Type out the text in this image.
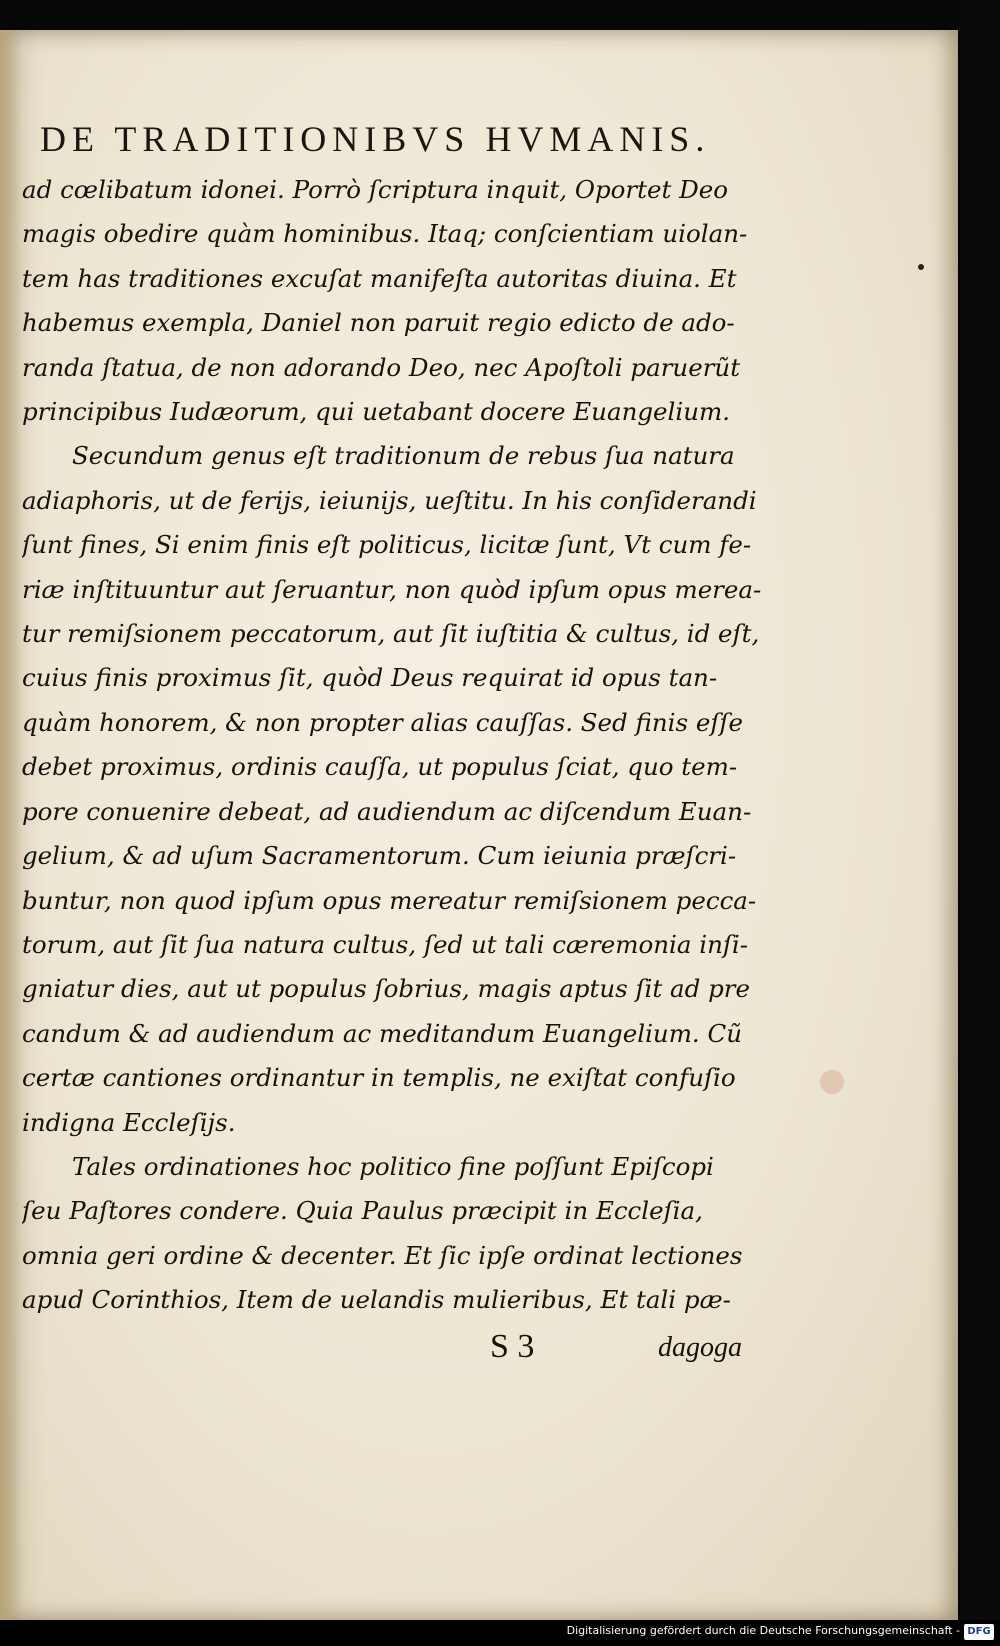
DE TRADITIONIBVS HVMANIS.
ad cœlibatum idonei. Porrò ſcriptura inquit, Oportet Deo
magis obedire quàm hominibus. Itaq; conſcientiam uiolan-
tem has traditiones excuſat manifeſta autoritas diuina. Et
habemus exempla, Daniel non paruit regio edicto de ado-
randa ſtatua, de non adorando Deo, nec Apoſtoli paruerũt
principibus Iudæorum, qui uetabant docere Euangelium.
Secundum genus eſt traditionum de rebus ſua natura
adiaphoris, ut de ferijs, ieiunijs, ueſtitu. In his conſiderandi
ſunt fines, Si enim finis eſt politicus, licitæ ſunt, Vt cum fe-
riæ inſtituuntur aut ſeruantur, non quòd ipſum opus merea-
tur remiſsionem peccatorum, aut ſit iuſtitia & cultus, id eſt,
cuius finis proximus ſit, quòd Deus requirat id opus tan-
quàm honorem, & non propter alias cauſſas. Sed finis eſſe
debet proximus, ordinis cauſſa, ut populus ſciat, quo tem-
pore conuenire debeat, ad audiendum ac diſcendum Euan-
gelium, & ad uſum Sacramentorum. Cum ieiunia præſcri-
buntur, non quod ipſum opus mereatur remiſsionem pecca-
torum, aut ſit ſua natura cultus, ſed ut tali cæremonia inſi-
gniatur dies, aut ut populus ſobrius, magis aptus ſit ad pre
candum & ad audiendum ac meditandum Euangelium. Cũ
certæ cantiones ordinantur in templis, ne exiſtat confuſio
indigna Eccleſijs.
Tales ordinationes hoc politico fine poſſunt Epiſcopi
ſeu Paſtores condere. Quia Paulus præcipit in Eccleſia,
omnia geri ordine & decenter. Et ſic ipſe ordinat lectiones
apud Corinthios, Item de uelandis mulieribus, Et tali pæ-
S 3	dagoga
Digitalisierung gefördert durch die Deutsche Forschungsgemeinschaft - DFG
